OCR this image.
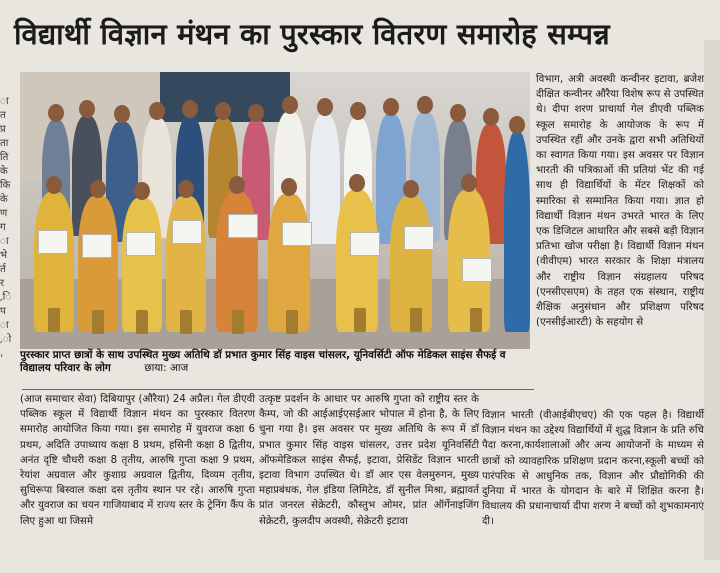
विद्यार्थी विज्ञान मंथन का पुरस्कार वितरण समारोह सम्पन्न
ा त प्र ता ति के कि के ण ग ा भे र्त र ,ि प ा ,ो ,	पुरस्कार प्राप्त छात्रों के साथ उपस्थित मुख्य अतिथि डॉ प्रभात कुमार सिंह वाइस चांसलर, यूनिवर्सिटी ऑफ मेडिकल साइंस सैफई व विद्यालय परिवार के लोग	छाया: आज

विभाग, अत्री अवस्थी कन्वीनर इटावा, ब्रजेश दीक्षित कन्वीनर औरैया विशेष रूप से उपस्थित थे। दीपा शरण प्राचार्या गेल डीएवी पब्लिक स्कूल समारोह के आयोजक के रूप में उपस्थित रहीं और उनके द्वारा सभी अतिथियों का स्वागत किया गया। इस अवसर पर विज्ञान भारती की पत्रिकाओं की प्रतियां भेंट की गई साथ ही विद्यार्थियों के मेंटर शिक्षकों को स्मारिका से सम्मानित किया गया। ज्ञात हो विद्यार्थी विज्ञान मंथन उभरते भारत के लिए एक डिजिटल आधारित और सबसे बड़ी विज्ञान प्रतिभा खोज परीक्षा है। विद्यार्थी विज्ञान मंथन (वीवीएम) भारत सरकार के शिक्षा मंत्रालय और राष्ट्रीय विज्ञान संग्रहालय परिषद (एनसीएसएम) के तहत एक संस्थान, राष्ट्रीय शैक्षिक अनुसंधान और प्रशिक्षण परिषद (एनसीईआरटी) के सहयोग से

(आज समाचार सेवा) दिबियापुर (औरैया) 24 अप्रैल। गेल डीएवी पब्लिक स्कूल में विद्यार्थी विज्ञान मंथन का पुरस्कार वितरण समारोह आयोजित किया गया। इस समारोह में युवराज कक्षा 6 प्रथम, अदिति उपाध्याय कक्षा 8 प्रथम, हसिनी कक्षा 8 द्वितीय, अनंत दृष्टि चौधरी कक्षा 8 तृतीय, आरुषि गुप्ता कक्षा 9 प्रथम, रेयांश अग्रवाल और कुशाग्र अग्रवाल द्वितीय, दिव्यम तृतीय, सुधिरूपा बिस्वाल कक्षा दस तृतीय स्थान पर रहे। आरुषि गुप्ता और युवराज का चयन गाजियाबाद में राज्य स्तर के ट्रेनिंग कैंप के लिए हुआ था जिसमे

उत्कृष्ट प्रदर्शन के आधार पर आरुषि गुप्ता को राष्ट्रीय स्तर के कैम्प, जो की आईआईएसईआर भोपाल में होना है, के लिए चुना गया है। इस अवसर पर मुख्य अतिथि के रूप में डॉ प्रभात कुमार सिंह वाइस चांसलर, उत्तर प्रदेश यूनिवर्सिटी ऑफमेडिकल साइंस सैफई, इटावा, प्रेसिडेंट विज्ञान भारती इटावा विभाग उपस्थित थे। डॉ आर एस वेलमुरुगन, मुख्य महाप्रबंधक, गेल इंडिया लिमिटेड, डॉ सुनील मिश्रा, ब्रह्मावर्त प्रांत जनरल सेक्रेटरी, कौस्तुभ ओमर, प्रांत ऑर्गेनाइजिंग सेक्रेटरी, कुलदीप अवस्थी, सेक्रेटरी इटावा

विज्ञान भारती (वीआईबीएचए) की एक पहल है। विद्यार्थी विज्ञान मंथन का उद्देश्य विद्यार्थियों में शुद्ध विज्ञान के प्रति रुचि पैदा करना,कार्यशालाओं और अन्य आयोजनों के माध्यम से छात्रों को व्यावहारिक प्रशिक्षण प्रदान करना,स्कूली बच्चों को पारंपरिक से आधुनिक तक, विज्ञान और प्रौद्योगिकी की दुनिया में भारत के योगदान के बारे में शिक्षित करना है।विधालय की प्रधानाचार्या दीपा शरण ने बच्चों को शुभकामनाएं दी।
